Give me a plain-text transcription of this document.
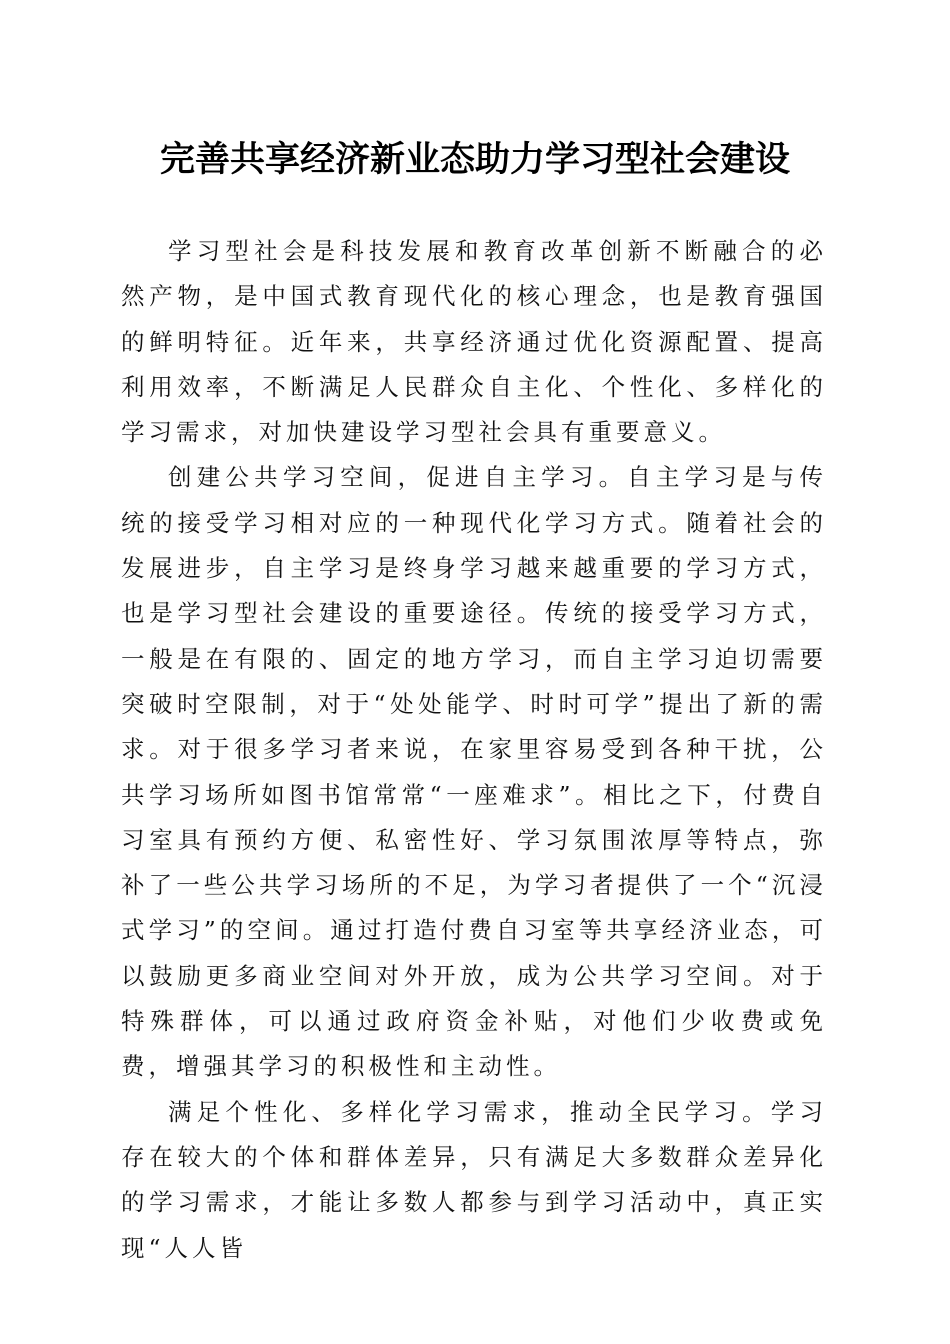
完善共享经济新业态助力学习型社会建设

学习型社会是科技发展和教育改革创新不断融合的必然产物，是中国式教育现代化的核心理念，也是教育强国的鲜明特征。近年来，共享经济通过优化资源配置、提高利用效率，不断满足人民群众自主化、个性化、多样化的学习需求，对加快建设学习型社会具有重要意义。

创建公共学习空间，促进自主学习。自主学习是与传统的接受学习相对应的一种现代化学习方式。随着社会的发展进步，自主学习是终身学习越来越重要的学习方式，也是学习型社会建设的重要途径。传统的接受学习方式，一般是在有限的、固定的地方学习，而自主学习迫切需要突破时空限制，对于“处处能学、时时可学”提出了新的需求。对于很多学习者来说，在家里容易受到各种干扰，公共学习场所如图书馆常常“一座难求”。相比之下，付费自习室具有预约方便、私密性好、学习氛围浓厚等特点，弥补了一些公共学习场所的不足，为学习者提供了一个“沉浸式学习”的空间。通过打造付费自习室等共享经济业态，可以鼓励更多商业空间对外开放，成为公共学习空间。对于特殊群体，可以通过政府资金补贴，对他们少收费或免费，增强其学习的积极性和主动性。

满足个性化、多样化学习需求，推动全民学习。学习存在较大的个体和群体差异，只有满足大多数群众差异化的学习需求，才能让多数人都参与到学习活动中，真正实现“人人皆
